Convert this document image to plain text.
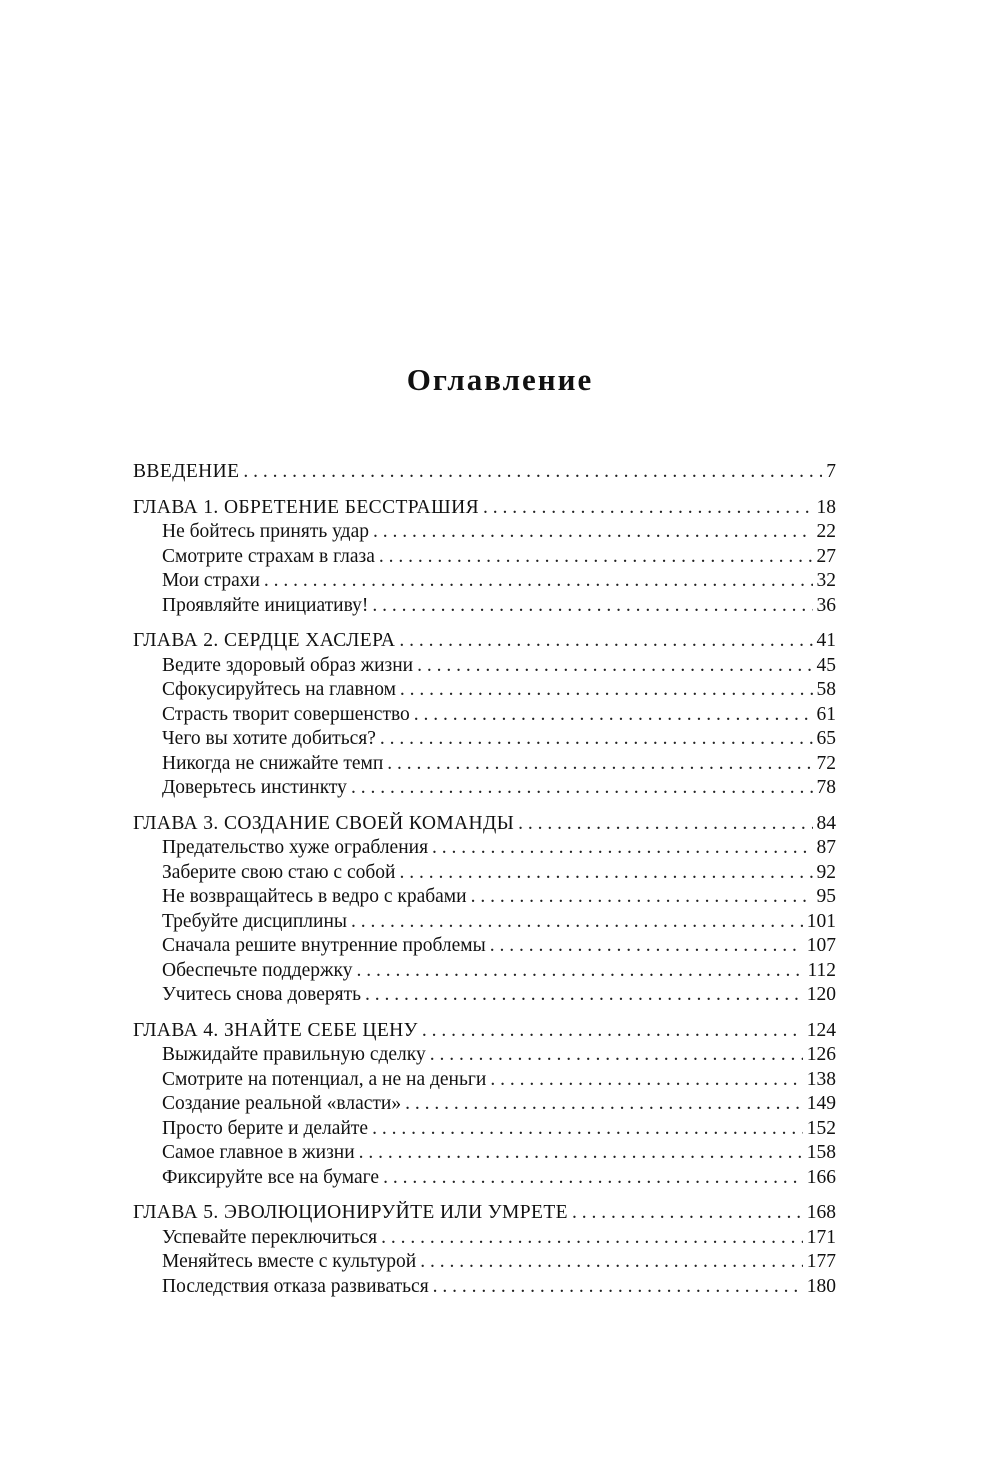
Оглавление
ВВЕДЕНИЕ . . .	7
ГЛАВА 1. ОБРЕТЕНИЕ БЕССТРАШИЯ . . .	18
Не бойтесь принять удар . . .	22
Смотрите страхам в глаза . . .	27
Мои страхи . . .	32
Проявляйте инициативу! . . .	36
ГЛАВА 2. СЕРДЦЕ ХАСЛЕРА . . .	41
Ведите здоровый образ жизни . . .	45
Сфокусируйтесь на главном . . .	58
Страсть творит совершенство . . .	61
Чего вы хотите добиться? . . .	65
Никогда не снижайте темп . . .	72
Доверьтесь инстинкту . . .	78
ГЛАВА 3. СОЗДАНИЕ СВОЕЙ КОМАНДЫ . . .	84
Предательство хуже ограбления . . .	87
Заберите свою стаю с собой . . .	92
Не возвращайтесь в ведро с крабами . . .	95
Требуйте дисциплины . . .	101
Сначала решите внутренние проблемы . . .	107
Обеспечьте поддержку . . .	112
Учитесь снова доверять . . .	120
ГЛАВА 4. ЗНАЙТЕ СЕБЕ ЦЕНУ . . .	124
Выжидайте правильную сделку . . .	126
Смотрите на потенциал, а не на деньги . . .	138
Создание реальной «власти» . . .	149
Просто берите и делайте . . .	152
Самое главное в жизни . . .	158
Фиксируйте все на бумаге . . .	166
ГЛАВА 5. ЭВОЛЮЦИОНИРУЙТЕ ИЛИ УМРЕТЕ . . .	168
Успевайте переключиться . . .	171
Меняйтесь вместе с культурой . . .	177
Последствия отказа развиваться . . .	180
